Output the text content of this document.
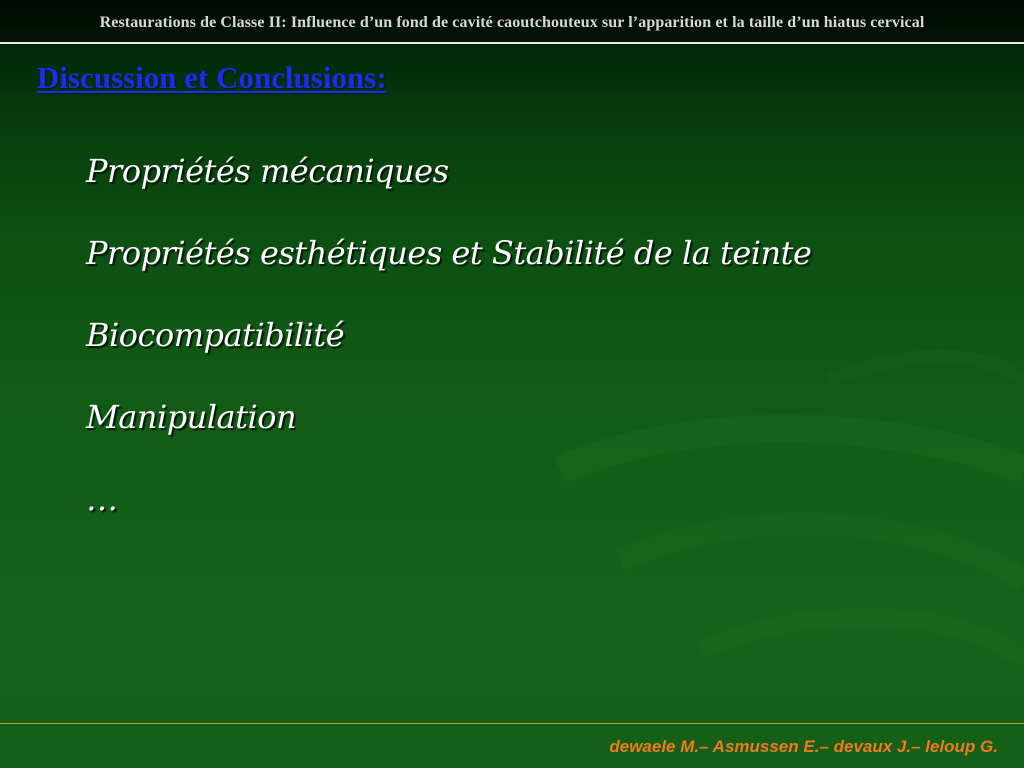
Restaurations de Classe II: Influence d’un fond de cavité caoutchouteux sur l’apparition et la taille d’un hiatus cervical
Discussion et Conclusions:
Propriétés mécaniques
Propriétés esthétiques et Stabilité de la teinte
Biocompatibilité
Manipulation
…
dewaele M.– Asmussen E.– devaux J.– leloup G.
